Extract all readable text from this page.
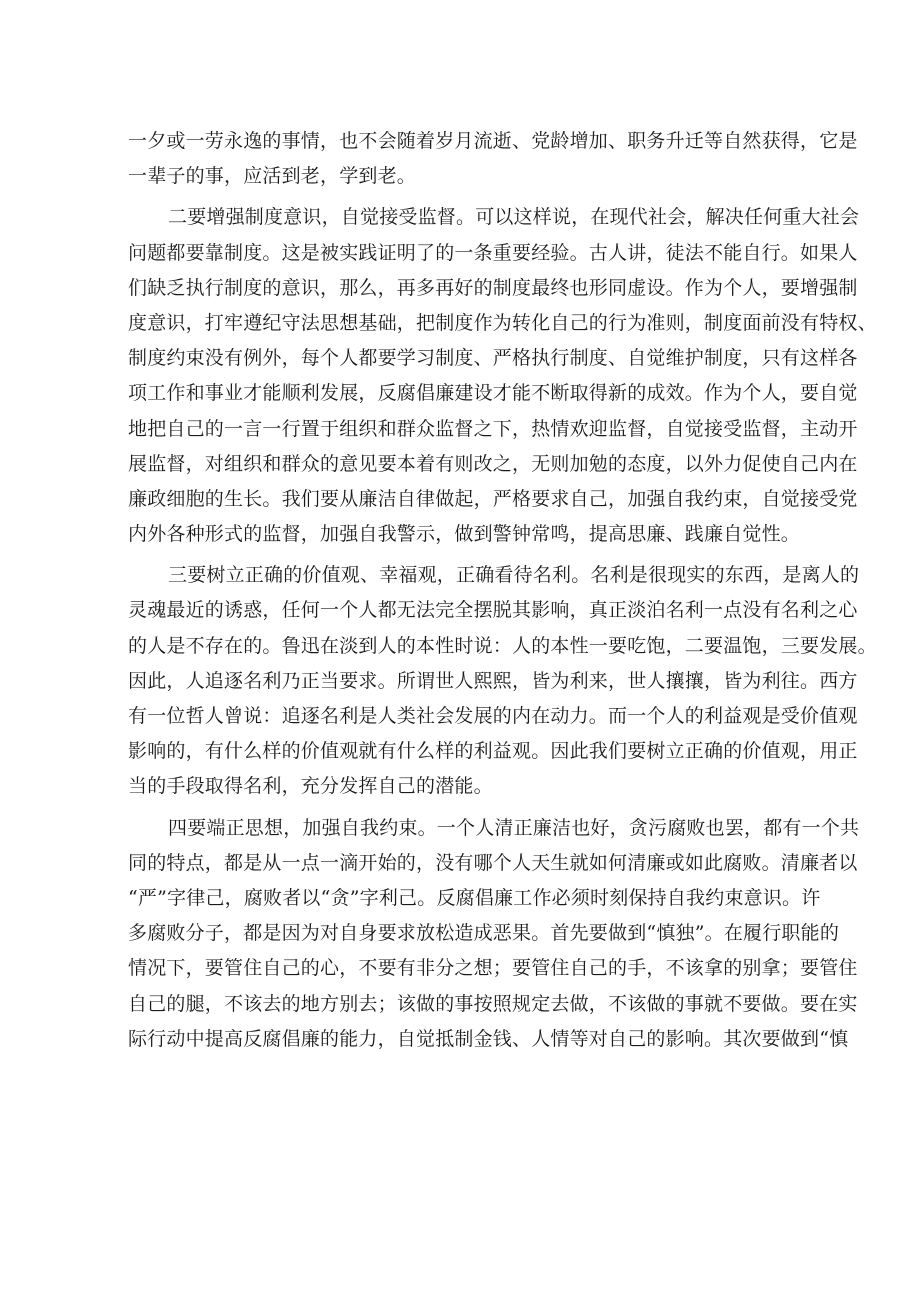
一夕或一劳永逸的事情，也不会随着岁月流逝、党龄增加、职务升迁等自然获得，它是
一辈子的事，应活到老，学到老。
二要增强制度意识，自觉接受监督。可以这样说，在现代社会，解决任何重大社会
问题都要靠制度。这是被实践证明了的一条重要经验。古人讲，徒法不能自行。如果人
们缺乏执行制度的意识，那么，再多再好的制度最终也形同虚设。作为个人，要增强制
度意识，打牢遵纪守法思想基础，把制度作为转化自己的行为准则，制度面前没有特权、
制度约束没有例外，每个人都要学习制度、严格执行制度、自觉维护制度，只有这样各
项工作和事业才能顺利发展，反腐倡廉建设才能不断取得新的成效。作为个人，要自觉
地把自己的一言一行置于组织和群众监督之下，热情欢迎监督，自觉接受监督，主动开
展监督，对组织和群众的意见要本着有则改之，无则加勉的态度，以外力促使自己内在
廉政细胞的生长。我们要从廉洁自律做起，严格要求自己，加强自我约束，自觉接受党
内外各种形式的监督，加强自我警示，做到警钟常鸣，提高思廉、践廉自觉性。
三要树立正确的价值观、幸福观，正确看待名利。名利是很现实的东西，是离人的
灵魂最近的诱惑，任何一个人都无法完全摆脱其影响，真正淡泊名利一点没有名利之心
的人是不存在的。鲁迅在淡到人的本性时说：人的本性一要吃饱，二要温饱，三要发展。
因此，人追逐名利乃正当要求。所谓世人熙熙，皆为利来，世人攘攘，皆为利往。西方
有一位哲人曾说：追逐名利是人类社会发展的内在动力。而一个人的利益观是受价值观
影响的，有什么样的价值观就有什么样的利益观。因此我们要树立正确的价值观，用正
当的手段取得名利，充分发挥自己的潜能。
四要端正思想，加强自我约束。一个人清正廉洁也好，贪污腐败也罢，都有一个共
同的特点，都是从一点一滴开始的，没有哪个人天生就如何清廉或如此腐败。清廉者以
“严”字律己，腐败者以“贪”字利己。反腐倡廉工作必须时刻保持自我约束意识。许
多腐败分子，都是因为对自身要求放松造成恶果。首先要做到“慎独”。在履行职能的
情况下，要管住自己的心，不要有非分之想；要管住自己的手，不该拿的别拿；要管住
自己的腿，不该去的地方别去；该做的事按照规定去做，不该做的事就不要做。要在实
际行动中提高反腐倡廉的能力，自觉抵制金钱、人情等对自己的影响。其次要做到“慎
